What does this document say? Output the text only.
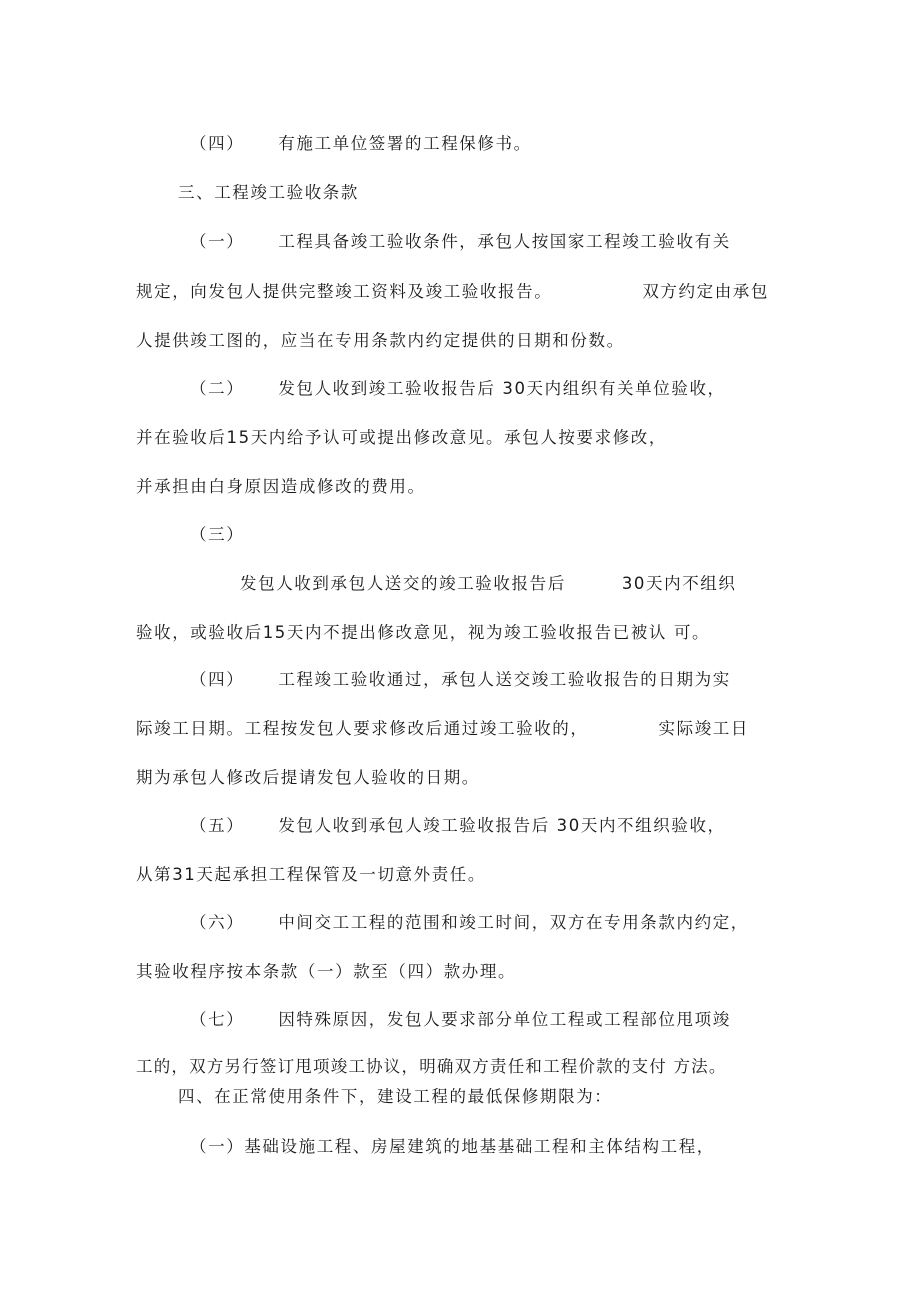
（四） 有施工单位签署的工程保修书。
三、工程竣工验收条款
（一） 工程具备竣工验收条件，承包人按国家工程竣工验收有关
规定，向发包人提供完整竣工资料及竣工验收报告。	双方约定由承包
人提供竣工图的，应当在专用条款内约定提供的日期和份数。
（二） 发包人收到竣工验收报告后 30天内组织有关单位验收，
并在验收后15天内给予认可或提出修改意见。承包人按要求修改，
并承担由白身原因造成修改的费用。
（三）
发包人收到承包人送交的竣工验收报告后	30天内不组织
验收，或验收后15天内不提出修改意见，视为竣工验收报告已被认 可。
（四） 工程竣工验收通过，承包人送交竣工验收报告的日期为实
际竣工日期。工程按发包人要求修改后通过竣工验收的，	实际竣工日
期为承包人修改后提请发包人验收的日期。
（五） 发包人收到承包人竣工验收报告后 30天内不组织验收，
从第31天起承担工程保管及一切意外责任。
（六） 中间交工工程的范围和竣工时间，双方在专用条款内约定，
其验收程序按本条款（一）款至（四）款办理。
（七） 因特殊原因，发包人要求部分单位工程或工程部位甩项竣
工的，双方另行签订甩项竣工协议，明确双方责任和工程价款的支付 方法。
四、在正常使用条件下，建设工程的最低保修期限为：
（一）基础设施工程、房屋建筑的地基基础工程和主体结构工程，
